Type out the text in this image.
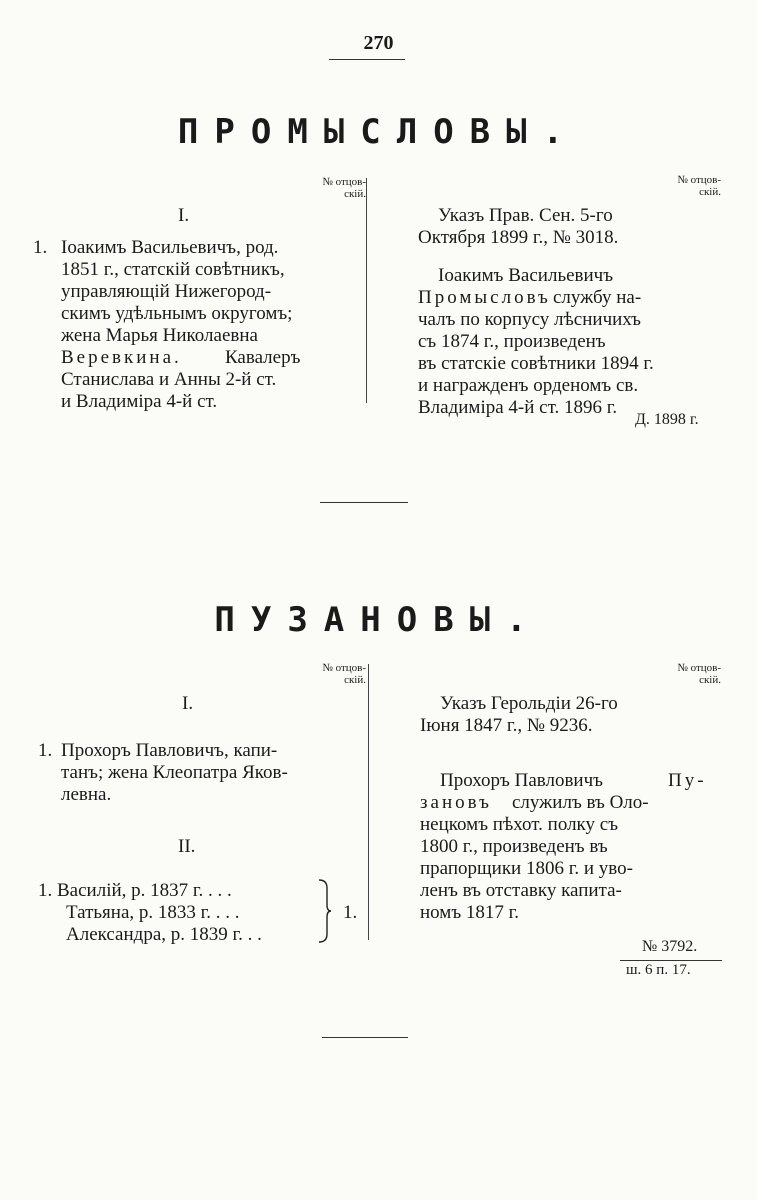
270
ПРОМЫСЛОВЫ.
№ отцов-
скій.
№ отцов-
скій.
I.
1. Іоакимъ Васильевичъ, род.
1851 г., статскій совѣтникъ,
управляющій Нижегород-
скимъ удѣльнымъ округомъ;
жена Марья Николаевна
Веревкина. Кавалеръ
Станислава и Анны 2-й ст.
и Владиміра 4-й ст.
Указъ Прав. Сен. 5-го
Октября 1899 г., № 3018.
Іоакимъ Васильевичъ
Промысловъ службу на-
чалъ по корпусу лѣсничихъ
съ 1874 г., произведенъ
въ статскіе совѣтники 1894 г.
и награжденъ орденомъ св.
Владиміра 4-й ст. 1896 г.
Д. 1898 г.
ПУЗАНОВЫ.
№ отцов-
скій.
№ отцов-
скій.
I.
1. Прохоръ Павловичъ, капи-
танъ; жена Клеопатра Яков-
левна.
II.
1. Василій, р. 1837 г. . . .
Татьяна, р. 1833 г. . . .
Александра, р. 1839 г. . .
1.
Указъ Герольдіи 26-го
Іюня 1847 г., № 9236.
Прохоръ Павловичъ	Пу-
зановъ служилъ въ Оло-
нецкомъ пѣхот. полку съ
1800 г., произведенъ въ
прапорщики 1806 г. и уво-
ленъ въ отставку капита-
номъ 1817 г.
№ 3792.
ш. 6 п. 17.
